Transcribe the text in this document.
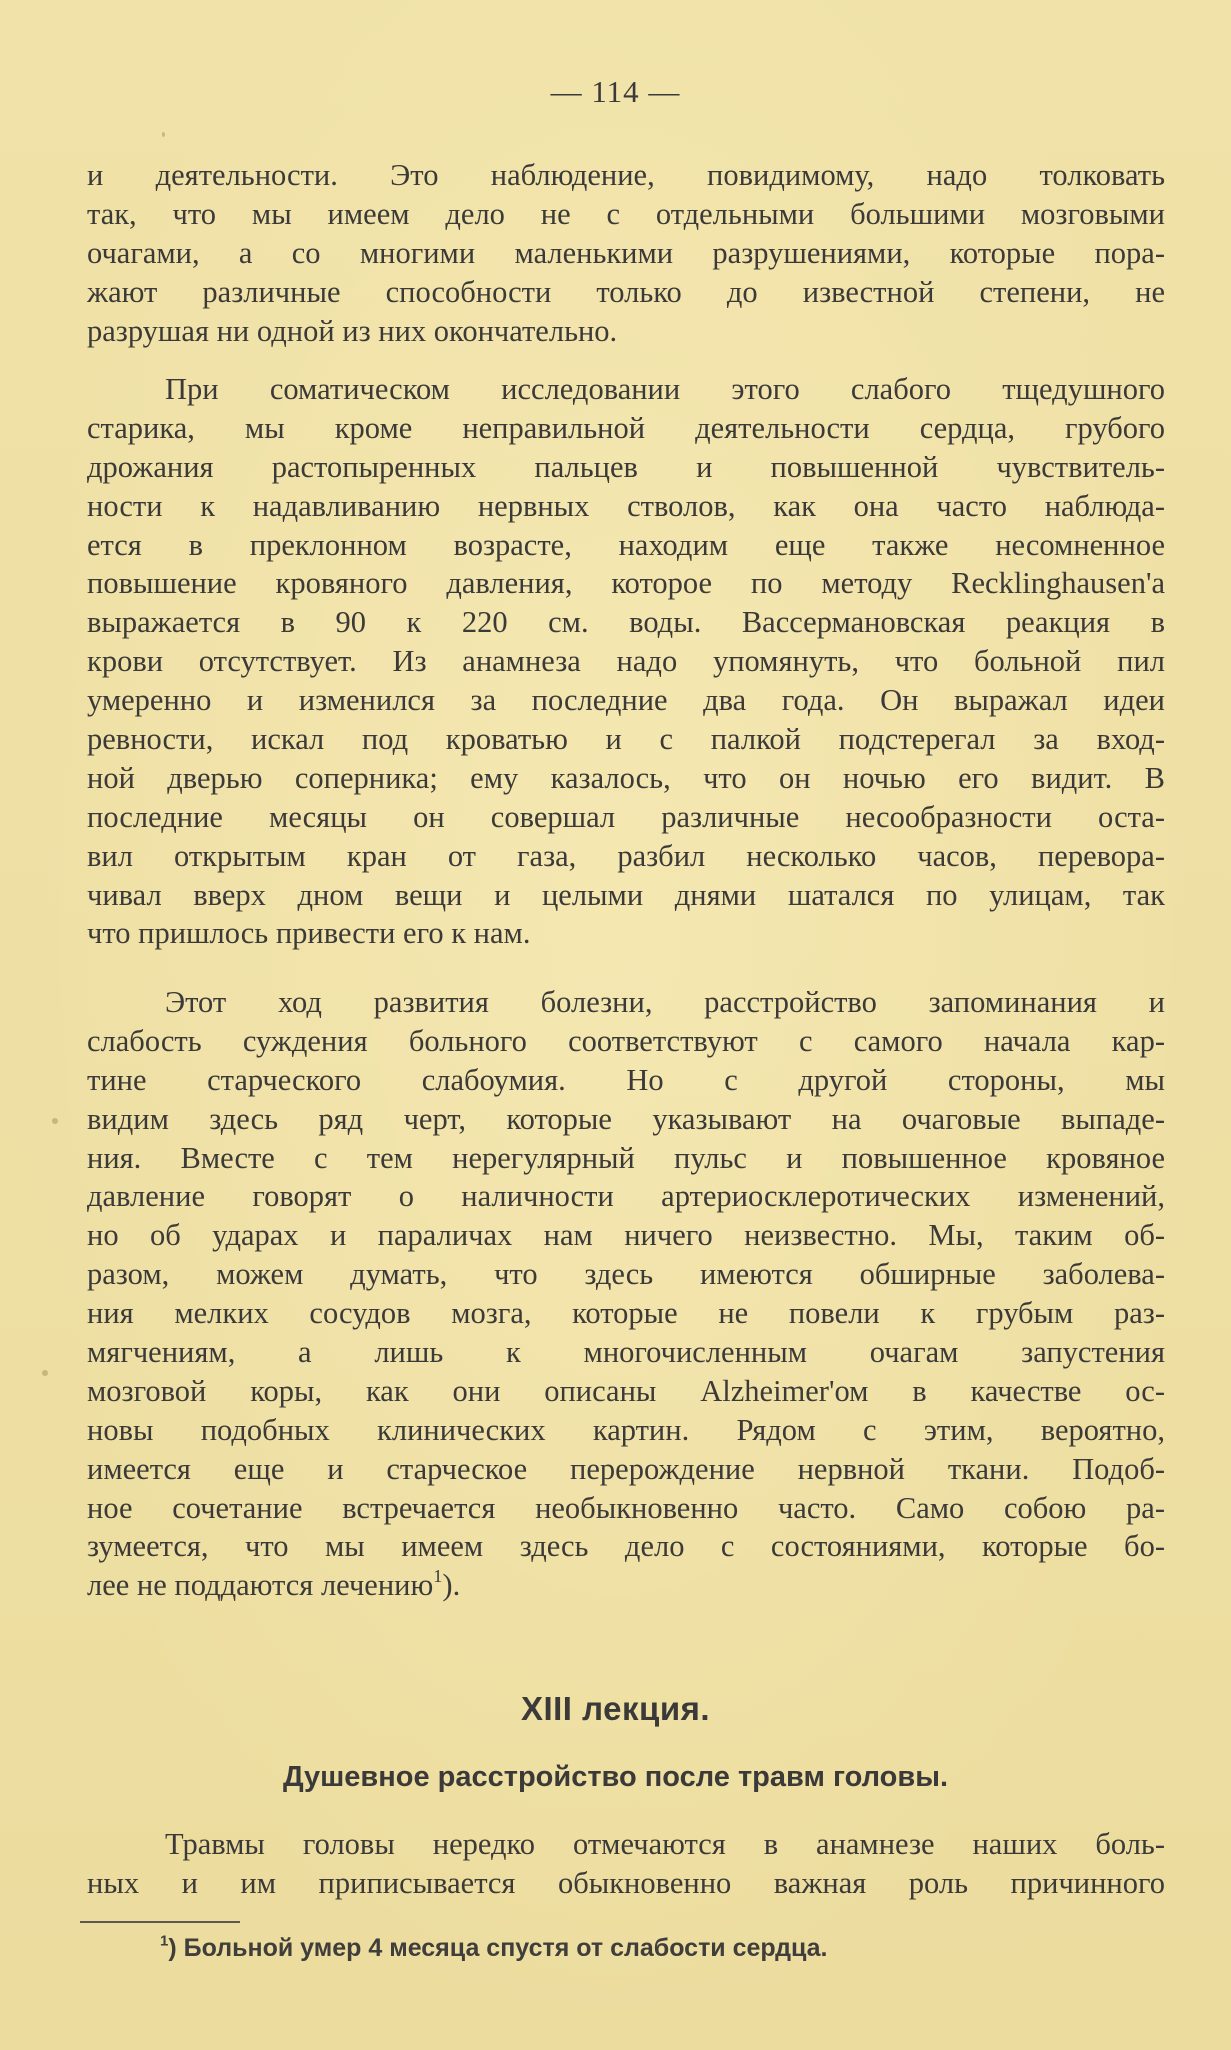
— 114 —
и деятельности. Это наблюдение, повидимому, надо толковать
так, что мы имеем дело не с отдельными большими мозговыми
очагами, а со многими маленькими разрушениями, которые пора-
жают различные способности только до известной степени, не
разрушая ни одной из них окончательно.
При соматическом исследовании этого слабого тщедушного
старика, мы кроме неправильной деятельности сердца, грубого
дрожания растопыренных пальцев и повышенной чувствитель-
ности к надавливанию нервных стволов, как она часто наблюда-
ется в преклонном возрасте, находим еще также несомненное
повышение кровяного давления, которое по методу Recklinghausen'a
выражается в 90 к 220 см. воды. Вассермановская реакция в
крови отсутствует. Из анамнеза надо упомянуть, что больной пил
умеренно и изменился за последние два года. Он выражал идеи
ревности, искал под кроватью и с палкой подстерегал за вход-
ной дверью соперника; ему казалось, что он ночью его видит. В
последние месяцы он совершал различные несообразности оста-
вил открытым кран от газа, разбил несколько часов, перевора-
чивал вверх дном вещи и целыми днями шатался по улицам, так
что пришлось привести его к нам.
Этот ход развития болезни, расстройство запоминания и
слабость суждения больного соответствуют с самого начала кар-
тине старческого слабоумия. Но с другой стороны, мы
видим здесь ряд черт, которые указывают на очаговые выпаде-
ния. Вместе с тем нерегулярный пульс и повышенное кровяное
давление говорят о наличности артериосклеротических изменений,
но об ударах и параличах нам ничего неизвестно. Мы, таким об-
разом, можем думать, что здесь имеются обширные заболева-
ния мелких сосудов мозга, которые не повели к грубым раз-
мягчениям, а лишь к многочисленным очагам запустения
мозговой коры, как они описаны Alzheimer'ом в качестве ос-
новы подобных клинических картин. Рядом с этим, вероятно,
имеется еще и старческое перерождение нервной ткани. Подоб-
ное сочетание встречается необыкновенно часто. Само собою ра-
зумеется, что мы имеем здесь дело с состояниями, которые бо-
лее не поддаются лечению$^1$).
XIII лекция.
Душевное расстройство после травм головы.
Травмы головы нередко отмечаются в анамнезе наших боль-
ных и им приписывается обыкновенно важная роль причинного
$^1$) Больной умер 4 месяца спустя от слабости сердца.
